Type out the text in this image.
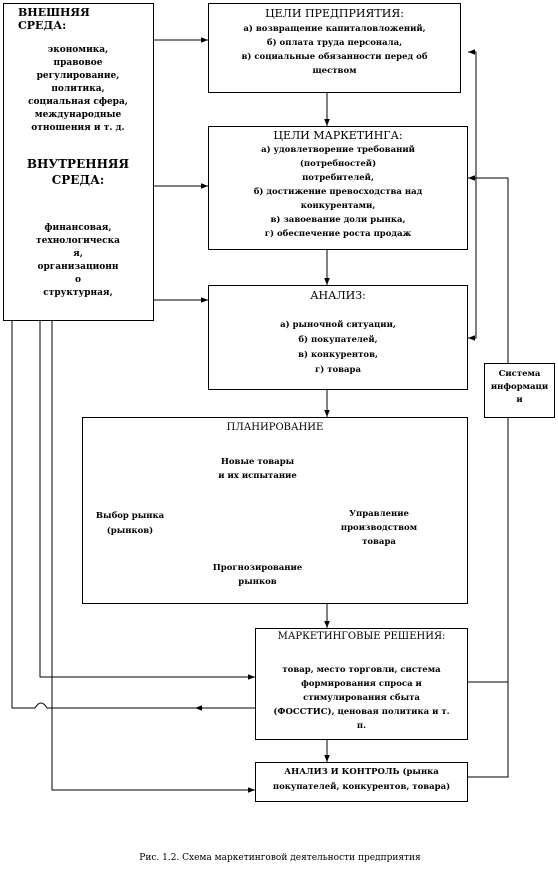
ВНЕШНЯЯ СРЕДА:
экономика,
правовое
регулирование,
политика,
социальная сфера,
международные
отношения и т. д.
ВНУТРЕННЯЯ
СРЕДА:
финансовая,
технологическа
я,
организационн
о
структурная,
ЦЕЛИ ПРЕДПРИЯТИЯ:
а) возвращение капиталовложений,
б) оплата труда персонала,
в) социальные обязанности перед об
ществом
ЦЕЛИ МАРКЕТИНГА:
а) удовлетворение требований
(потребностей)
потребителей,
б) достижение превосходства над
конкурентами,
в) завоевание доли рынка,
г) обеспечение роста продаж
АНАЛИЗ:
а) рыночной ситуации,
б) покупателей,
в) конкурентов,
г) товара	Система
информаци
и
ПЛАНИРОВАНИЕ
Новые товары
и их испытание
Выбор рынка
(рынков)
Управление
производством
товара
Прогнозирование
рынков
МАРКЕТИНГОВЫЕ РЕШЕНИЯ:
товар, место торговли, система
формирования спроса и
стимулирования сбыта
(ФОССТИС), ценовая политика и т.
п.
АНАЛИЗ И КОНТРОЛЬ (рынка
покупателей, конкурентов, товара)
Рис. 1.2. Схема маркетинговой деятельности предприятия
